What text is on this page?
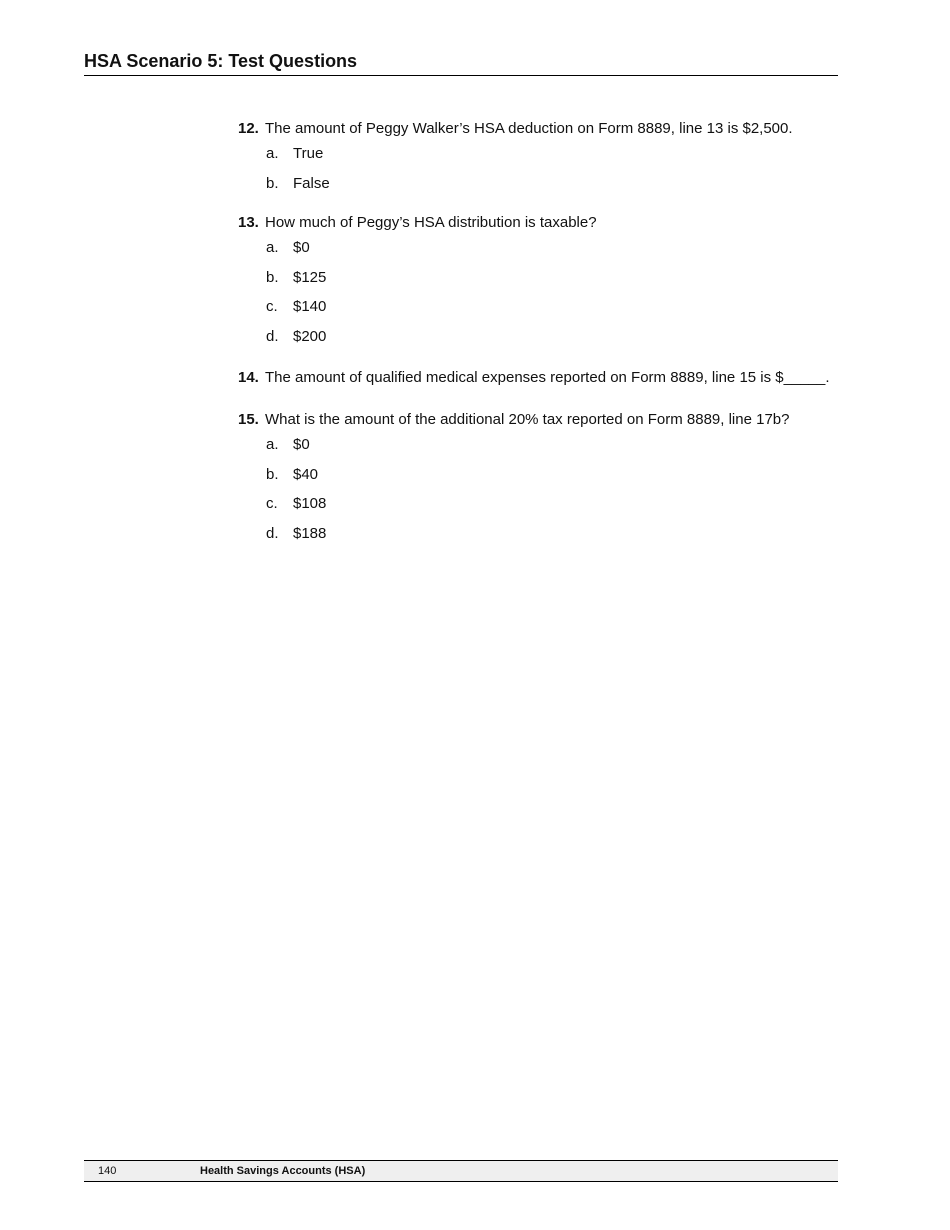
HSA Scenario 5: Test Questions
12. The amount of Peggy Walker’s HSA deduction on Form 8889, line 13 is $2,500.
a. True
b. False
13. How much of Peggy’s HSA distribution is taxable?
a. $0
b. $125
c.	$140
d. $200
14. The amount of qualified medical expenses reported on Form 8889, line 15 is $_____.
15. What is the amount of the additional 20% tax reported on Form 8889, line 17b?
a. $0
b. $40
c.	$108
d. $188
140	Health Savings Accounts (HSA)
